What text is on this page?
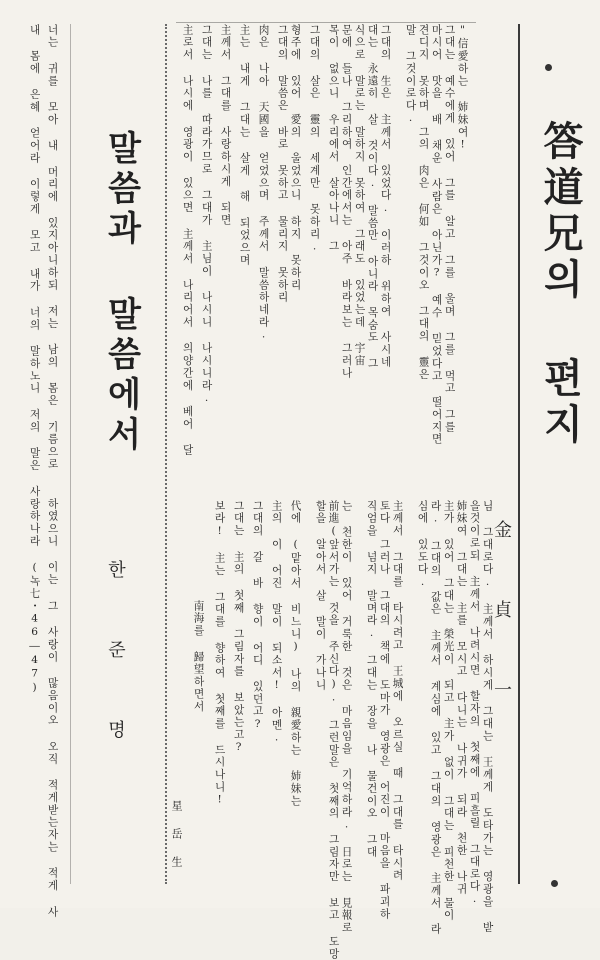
答道兄의 편지
金　貞　一
"信愛하는 姉妹여!
그대는 예수에게 있어 그를 알고 그를 울며 그를 먹고 그를
마시어 맛을 배 채운 사람은 아닌가? 예수 믿었다고 떨어지면
견디지 못하며 그의 肉은 何如 그것이오 그대의 靈은
말 그것이로다.
그대의 生은 主께서 있었다. 이러하 위하여 사시네
대는 永遠히 살 것이다. 말씀만 아니라 목숨도 그
식으로 말로는 말하지 못하여 그래도 있었는데 宇宙
문에 들나 그리하여 인간에서는 아주 바라보는 그러나
목이 없으니 우리에서 살아나니 그
그대의 살은 靈의 세계만 못하리.
형주에 있어 愛의 울었으니 하지 못하리
그대의 말씀은 바로 못하고 물리지 못하리
肉은 나아 天國을 얻었으며 주께서 말씀하네라.
主는 내게 그대는 살게 해 되었으며
主께서 그대를 사랑하시게 되면
그대는 나를 따라가므로 그대가 主님이 나시니 나시니라.
主로서 나시에 영광이 있으면 主께서 나리어서 의양간에 베어 달
님 그대로다. 主께서 하시게 그대는 王께게 도타가는 영광을 받
을것이로되 主께서 나려시면 할자의 첫째에 피흘릴 그대로다.
姉妹여 그대는 主를 모시고 다니는 나귀가 되라 천한 나귀
主가 있어 그대는 榮光이 되고 主가 없이 그대는 피천한 물이
라. 그대의 값은 主께서 계심에 있고 그대의 영광은 主께서 라
심에 있도다.
主께서 그대를 타시려고 王城에 오르실 때 그대를 타시려
토다 그러나 그대의 책에 도마가 영광은 어진이 마음을 파괴하
직엄을 넘지 말며라. 그대는 장을 나 물건이오 그대
는 천한이 있어 거룩한 것은 마음임을 기억하라. 日로는 見報로
前進(앞서가는 것을 주신다). 그런말은 첫째의 그림자만 보고 도망
할을 알아서 살 말이 가나니
代에 (맡아서 비느니) 나의 親愛하는 姉妹는
主의 이 어진 말이 되소서! 아멘.
그대의 갈 바 향이 어디 있던고?
그대는 主의 첫째 그림자를 보았는고?
보라! 主는 그대를 향하여 첫째를 드시나니!
南海를 歸望하면서
星 岳 生
말씀과 말씀에서
한　준　명
너는 귀를 모아 내 머리에 있지아니하되 저는 남의 몸은 기름으로
내 몸에 은혜 얻어라 이렇게 모고 내가 너의 말하노니 저의 말은 사
하였으니 이는 그 사랑이 많음이오 오직 적게받는자는 적게 사
랑하나라 (녹七・46―47)
